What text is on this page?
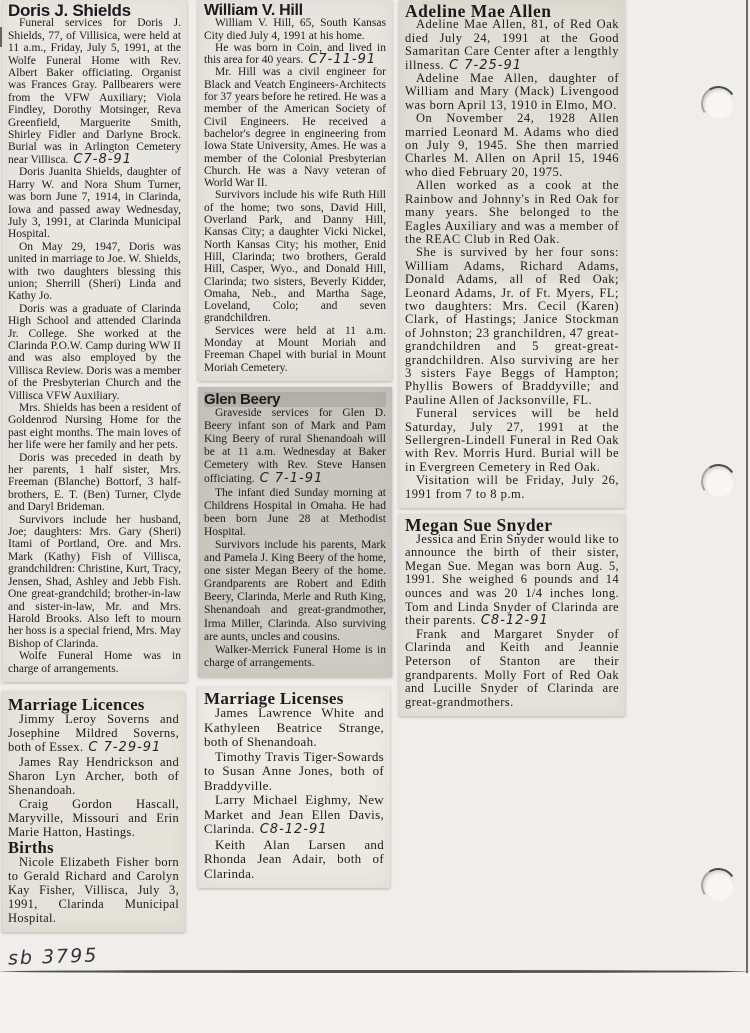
Doris J. Shields

Funeral services for Doris J. Shields, 77, of Villisica, were held at 11 a.m., Friday, July 5, 1991, at the Wolfe Funeral Home with Rev. Albert Baker officiating. Organist was Frances Gray. Pallbearers were from the VFW Auxiliary; Viola Findley, Dorothy Motsinger, Reva Greenfield, Marguerite Smith, Shirley Fidler and Darlyne Brock. Burial was in Arlington Cemetery near Villisca. C7-8-91

Doris Juanita Shields, daughter of Harry W. and Nora Shum Turner, was born June 7, 1914, in Clarinda, Iowa and passed away Wednesday, July 3, 1991, at Clarinda Municipal Hospital.

On May 29, 1947, Doris was united in marriage to Joe. W. Shields, with two daughters blessing this union; Sherrill (Sheri) Linda and Kathy Jo.

Doris was a graduate of Clarinda High School and attended Clarinda Jr. College. She worked at the Clarinda P.O.W. Camp during WW II and was also employed by the Villisca Review. Doris was a member of the Presbyterian Church and the Villisca VFW Auxiliary.

Mrs. Shields has been a resident of Goldenrod Nursing Home for the past eight months. The main loves of her life were her family and her pets.

Doris was preceded in death by her parents, 1 half sister, Mrs. Freeman (Blanche) Bottorf, 3 half-brothers, E. T. (Ben) Turner, Clyde and Daryl Brideman.

Survivors include her husband, Joe; daughters: Mrs. Gary (Sheri) Itami of Portland, Ore. and Mrs. Mark (Kathy) Fish of Villisca, grandchildren: Christine, Kurt, Tracy, Jensen, Shad, Ashley and Jebb Fish. One great-grandchild; brother-in-law and sister-in-law, Mr. and Mrs. Harold Brooks. Also left to mourn her hoss is a special friend, Mrs. May Bishop of Clarinda.

Wolfe Funeral Home was in charge of arrangements.

Marriage Licences

Jimmy Leroy Soverns and Josephine Mildred Soverns, both of Essex. C 7-29-91

James Ray Hendrickson and Sharon Lyn Archer, both of Shenandoah.

Craig Gordon Hascall, Maryville, Missouri and Erin Marie Hatton, Hastings.

Births

Nicole Elizabeth Fisher born to Gerald Richard and Carolyn Kay Fisher, Villisca, July 3, 1991, Clarinda Municipal Hospital.

William V. Hill

William V. Hill, 65, South Kansas City died July 4, 1991 at his home.

He was born in Coin, and lived in this area for 40 years. C7-11-91

Mr. Hill was a civil engineer for Black and Veatch Engineers-Architects for 37 years before he retired. He was a member of the American Society of Civil Engineers. He received a bachelor's degree in engineering from Iowa State University, Ames. He was a member of the Colonial Presbyterian Church. He was a Navy veteran of World War II.

Survivors include his wife Ruth Hill of the home; two sons, David Hill, Overland Park, and Danny Hill, Kansas City; a daughter Vicki Nickel, North Kansas City; his mother, Enid Hill, Clarinda; two brothers, Gerald Hill, Casper, Wyo., and Donald Hill, Clarinda; two sisters, Beverly Kidder, Omaha, Neb., and Martha Sage, Loveland, Colo; and seven grandchildren.

Services were held at 11 a.m. Monday at Mount Moriah and Freeman Chapel with burial in Mount Moriah Cemetery.

Glen Beery

Graveside services for Glen D. Beery infant son of Mark and Pam King Beery of rural Shenandoah will be at 11 a.m. Wednesday at Baker Cemetery with Rev. Steve Hansen officiating. C 7-1-91

The infant died Sunday morning at Childrens Hospital in Omaha. He had been born June 28 at Methodist Hospital.

Survivors include his parents, Mark and Pamela J. King Beery of the home, one sister Megan Beery of the home. Grandparents are Robert and Edith Beery, Clarinda, Merle and Ruth King, Shenandoah and great-grandmother, Irma Miller, Clarinda. Also surviving are aunts, uncles and cousins.

Walker-Merrick Funeral Home is in charge of arrangements.

Marriage Licenses

James Lawrence White and Kathyleen Beatrice Strange, both of Shenandoah.

Timothy Travis Tiger-Sowards to Susan Anne Jones, both of Braddyville.

Larry Michael Eighmy, New Market and Jean Ellen Davis, Clarinda. C8-12-91

Keith Alan Larsen and Rhonda Jean Adair, both of Clarinda.

Adeline Mae Allen

Adeline Mae Allen, 81, of Red Oak died July 24, 1991 at the Good Samaritan Care Center after a lengthly illness. C 7-25-91

Adeline Mae Allen, daughter of William and Mary (Mack) Livengood was born April 13, 1910 in Elmo, MO.

On November 24, 1928 Allen married Leonard M. Adams who died on July 9, 1945. She then married Charles M. Allen on April 15, 1946 who died February 20, 1975.

Allen worked as a cook at the Rainbow and Johnny's in Red Oak for many years. She belonged to the Eagles Auxiliary and was a member of the REAC Club in Red Oak.

She is survived by her four sons: William Adams, Richard Adams, Donald Adams, all of Red Oak; Leonard Adams, Jr. of Ft. Myers, FL; two daughters: Mrs. Cecil (Karen) Clark, of Hastings; Janice Stockman of Johnston; 23 granchildren, 47 great-grandchildren and 5 great-great-grandchildren. Also surviving are her 3 sisters Faye Beggs of Hampton; Phyllis Bowers of Braddyville; and Pauline Allen of Jacksonville, FL.

Funeral services will be held Saturday, July 27, 1991 at the Sellergren-Lindell Funeral in Red Oak with Rev. Morris Hurd. Burial will be in Evergreen Cemetery in Red Oak.

Visitation will be Friday, July 26, 1991 from 7 to 8 p.m.

Megan Sue Snyder

Jessica and Erin Snyder would like to announce the birth of their sister, Megan Sue. Megan was born Aug. 5, 1991. She weighed 6 pounds and 14 ounces and was 20 1/4 inches long. Tom and Linda Snyder of Clarinda are their parents. C8-12-91

Frank and Margaret Snyder of Clarinda and Keith and Jeannie Peterson of Stanton are their grandparents. Molly Fort of Red Oak and Lucille Snyder of Clarinda are great-grandmothers.

sb 3795
